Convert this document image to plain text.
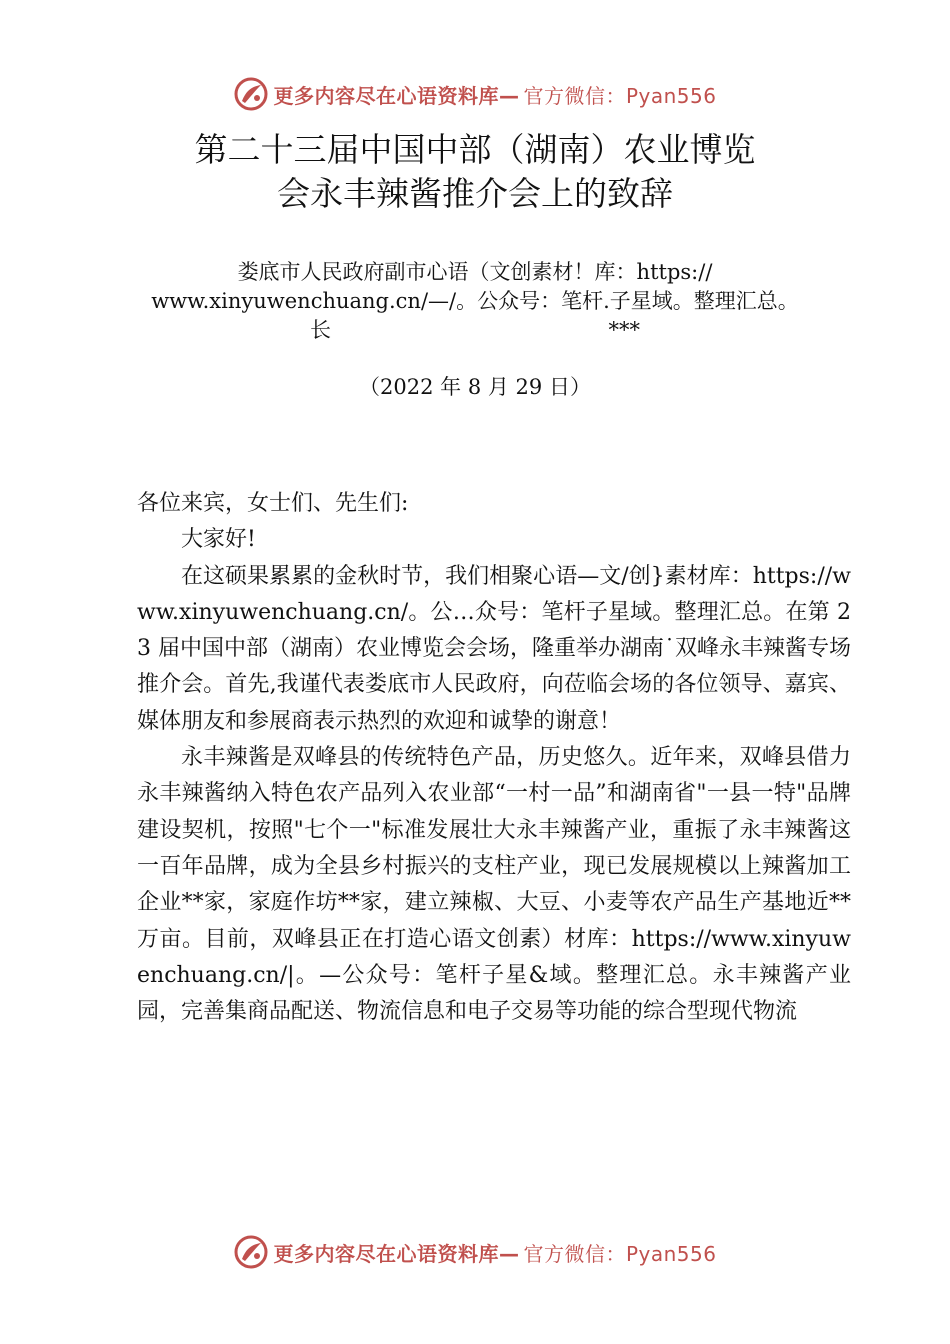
更多内容尽在心语资料库— 官方微信：Pyan556
第二十三届中国中部（湖南）农业博览
会永丰辣酱推介会上的致辞
娄底市人民政府副市心语（文创素材！库：https://
www.xinyuwenchuang.cn/—/。公众号：笔杆.子星域。整理汇总。
长	***
（2022 年 8 月 29 日）

各位来宾，女士们、先生们:

大家好!

在这硕果累累的金秋时节，我们相聚心语—文/创}素材库：https://www.xinyuwenchuang.cn/。公…众号：笔杆子星域。整理汇总。在第 23 届中国中部（湖南）农业博览会会场，隆重举办湖南˙双峰永丰辣酱专场推介会。首先,我谨代表娄底市人民政府，向莅临会场的各位领导、嘉宾、媒体朋友和参展商表示热烈的欢迎和诚挚的谢意！

永丰辣酱是双峰县的传统特色产品，历史悠久。近年来，双峰县借力永丰辣酱纳入特色农产品列入农业部“一村一品”和湖南省"一县一特"品牌建设契机，按照"七个一"标准发展壮大永丰辣酱产业，重振了永丰辣酱这一百年品牌，成为全县乡村振兴的支柱产业，现已发展规模以上辣酱加工企业**家，家庭作坊**家，建立辣椒、大豆、小麦等农产品生产基地近**万亩。目前，双峰县正在打造心语文创素）材库：https://www.xinyuwenchuang.cn/|。—公众号：笔杆子星&域。整理汇总。永丰辣酱产业园，完善集商品配送、物流信息和电子交易等功能的综合型现代物流

更多内容尽在心语资料库— 官方微信：Pyan556
